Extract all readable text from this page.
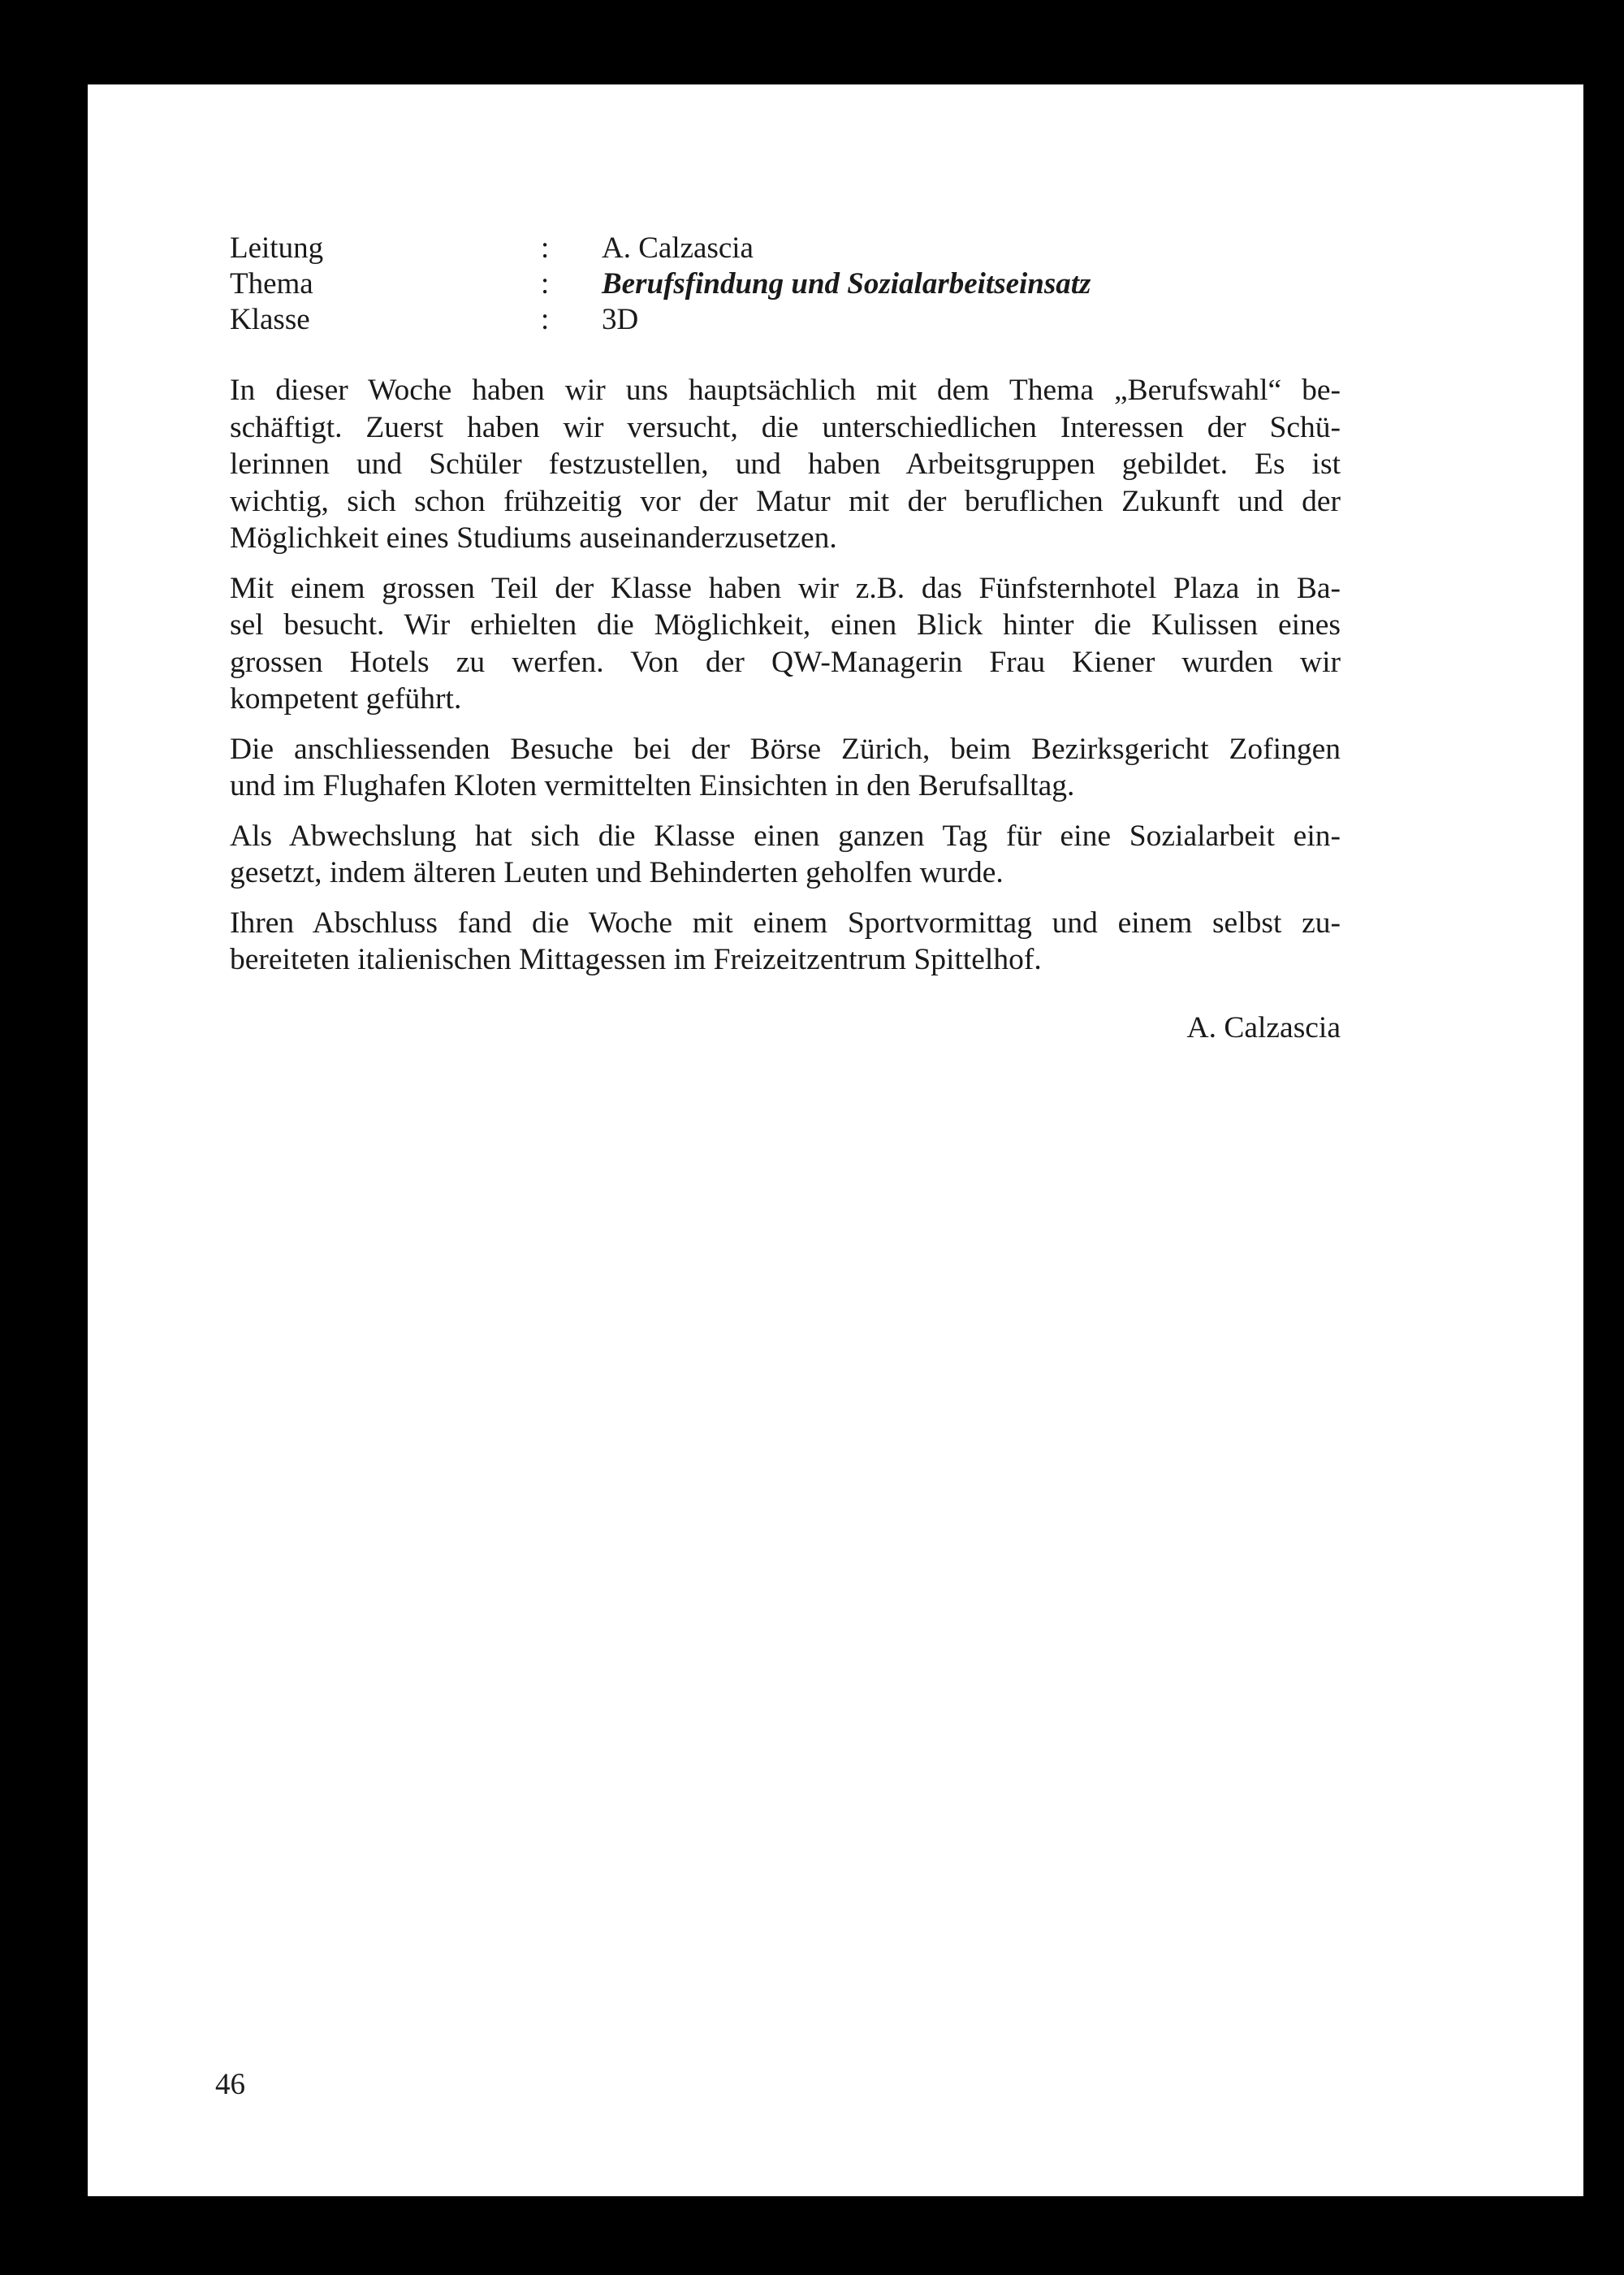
Leitung	:	A. Calzascia
Thema	:	Berufsfindung und Sozialarbeitseinsatz
Klasse	:	3D

In dieser Woche haben wir uns hauptsächlich mit dem Thema „Berufswahl“ be-
schäftigt. Zuerst haben wir versucht, die unterschiedlichen Interessen der Schü-
lerinnen und Schüler festzustellen, und haben Arbeitsgruppen gebildet. Es ist
wichtig, sich schon frühzeitig vor der Matur mit der beruflichen Zukunft und der
Möglichkeit eines Studiums auseinanderzusetzen.

Mit einem grossen Teil der Klasse haben wir z.B. das Fünfsternhotel Plaza in Ba-
sel besucht. Wir erhielten die Möglichkeit, einen Blick hinter die Kulissen eines
grossen Hotels zu werfen. Von der QW-Managerin Frau Kiener wurden wir
kompetent geführt.

Die anschliessenden Besuche bei der Börse Zürich, beim Bezirksgericht Zofingen
und im Flughafen Kloten vermittelten Einsichten in den Berufsalltag.

Als Abwechslung hat sich die Klasse einen ganzen Tag für eine Sozialarbeit ein-
gesetzt, indem älteren Leuten und Behinderten geholfen wurde.

Ihren Abschluss fand die Woche mit einem Sportvormittag und einem selbst zu-
bereiteten italienischen Mittagessen im Freizeitzentrum Spittelhof.

A. Calzascia
46
